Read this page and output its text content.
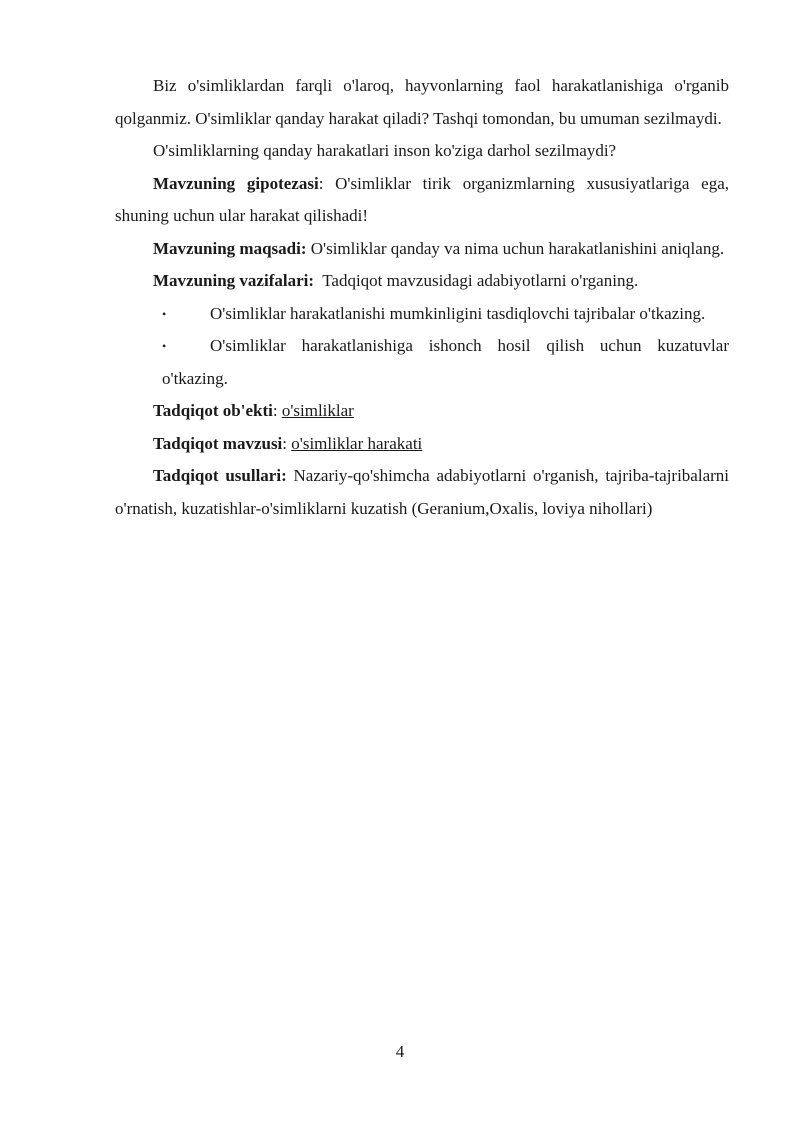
Biz o'simliklardan farqli o'laroq, hayvonlarning faol harakatlanishiga o'rganib qolganmiz. O'simliklar qanday harakat qiladi? Tashqi tomondan, bu umuman sezilmaydi.

O'simliklarning qanday harakatlari inson ko'ziga darhol sezilmaydi?

Mavzuning gipotezasi: O'simliklar tirik organizmlarning xususiyatlariga ega, shuning uchun ular harakat qilishadi!

Mavzuning maqsadi: O'simliklar qanday va nima uchun harakatlanishini aniqlang.

Mavzuning vazifalari:  Tadqiqot mavzusidagi adabiyotlarni o'rganing.

•	O'simliklar harakatlanishi mumkinligini tasdiqlovchi tajribalar o'tkazing.
•	O'simliklar harakatlanishiga ishonch hosil qilish uchun kuzatuvlar o'tkazing.

Tadqiqot ob'ekti: o'simliklar

Tadqiqot mavzusi: o'simliklar harakati

Tadqiqot usullari: Nazariy-qo'shimcha adabiyotlarni o'rganish, tajriba-tajribalarni o'rnatish, kuzatishlar-o'simliklarni kuzatish (Geranium,Oxalis, loviya nihollari)

4
